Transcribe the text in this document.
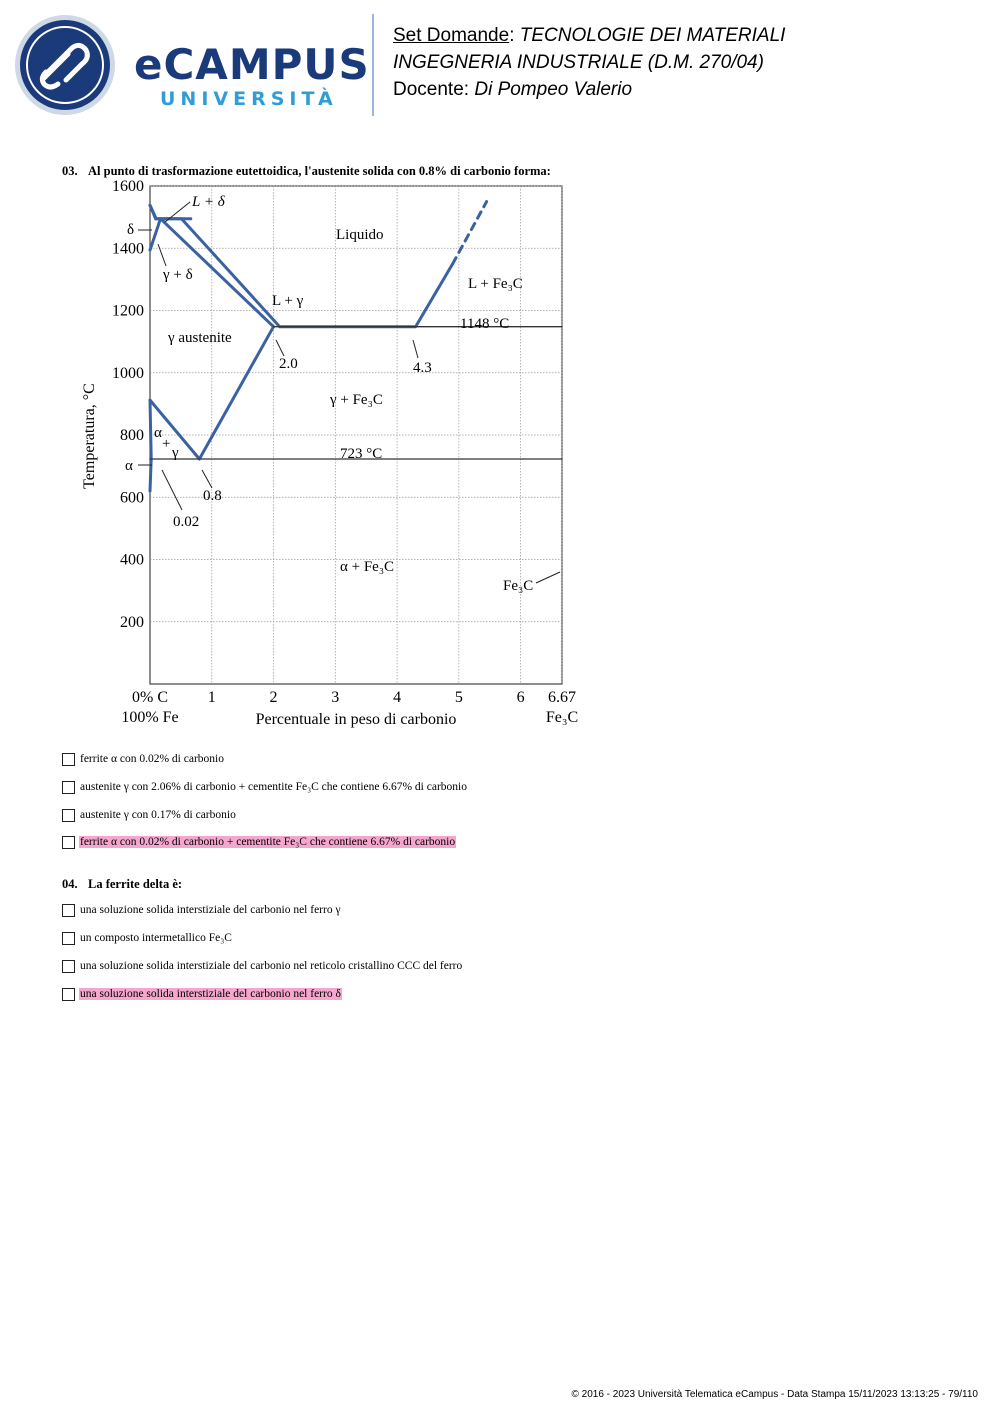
eCAMPUS
UNIVERSITÀ
Set Domande: TECNOLOGIE DEI MATERIALI
INGEGNERIA INDUSTRIALE (D.M. 270/04)
Docente: Di Pompeo Valerio
03. Al punto di trasformazione eutettoidica, l'austenite solida con 0.8% di carbonio forma:
1	2	3	4	5	6 6.67
200
400
600
800
1000
1200
1400
1600
Temperatura, °C
Percentuale in peso di carbonio
0% C
100% Fe	Fe₃C
L + δ
δ
γ + δ
Liquido
L + γ
L + Fe₃C
γ austenite
γ + Fe₃C
α
+
γ
α + Fe₃C
Fe₃C
α
1148 °C
723 °C
2.0	4.3
0.8
0.02
ferrite α con 0.02% di carbonio
austenite γ con 2.06% di carbonio + cementite Fe₃C che contiene 6.67% di carbonio
austenite γ con 0.17% di carbonio
ferrite α con 0.02% di carbonio + cementite Fe₃C che contiene 6.67% di carbonio
04. La ferrite delta è:
una soluzione solida interstiziale del carbonio nel ferro γ
un composto intermetallico Fe₃C
una soluzione solida interstiziale del carbonio nel reticolo cristallino CCC del ferro
una soluzione solida interstiziale del carbonio nel ferro δ
© 2016 - 2023 Università Telematica eCampus - Data Stampa 15/11/2023 13:13:25 - 79/110
